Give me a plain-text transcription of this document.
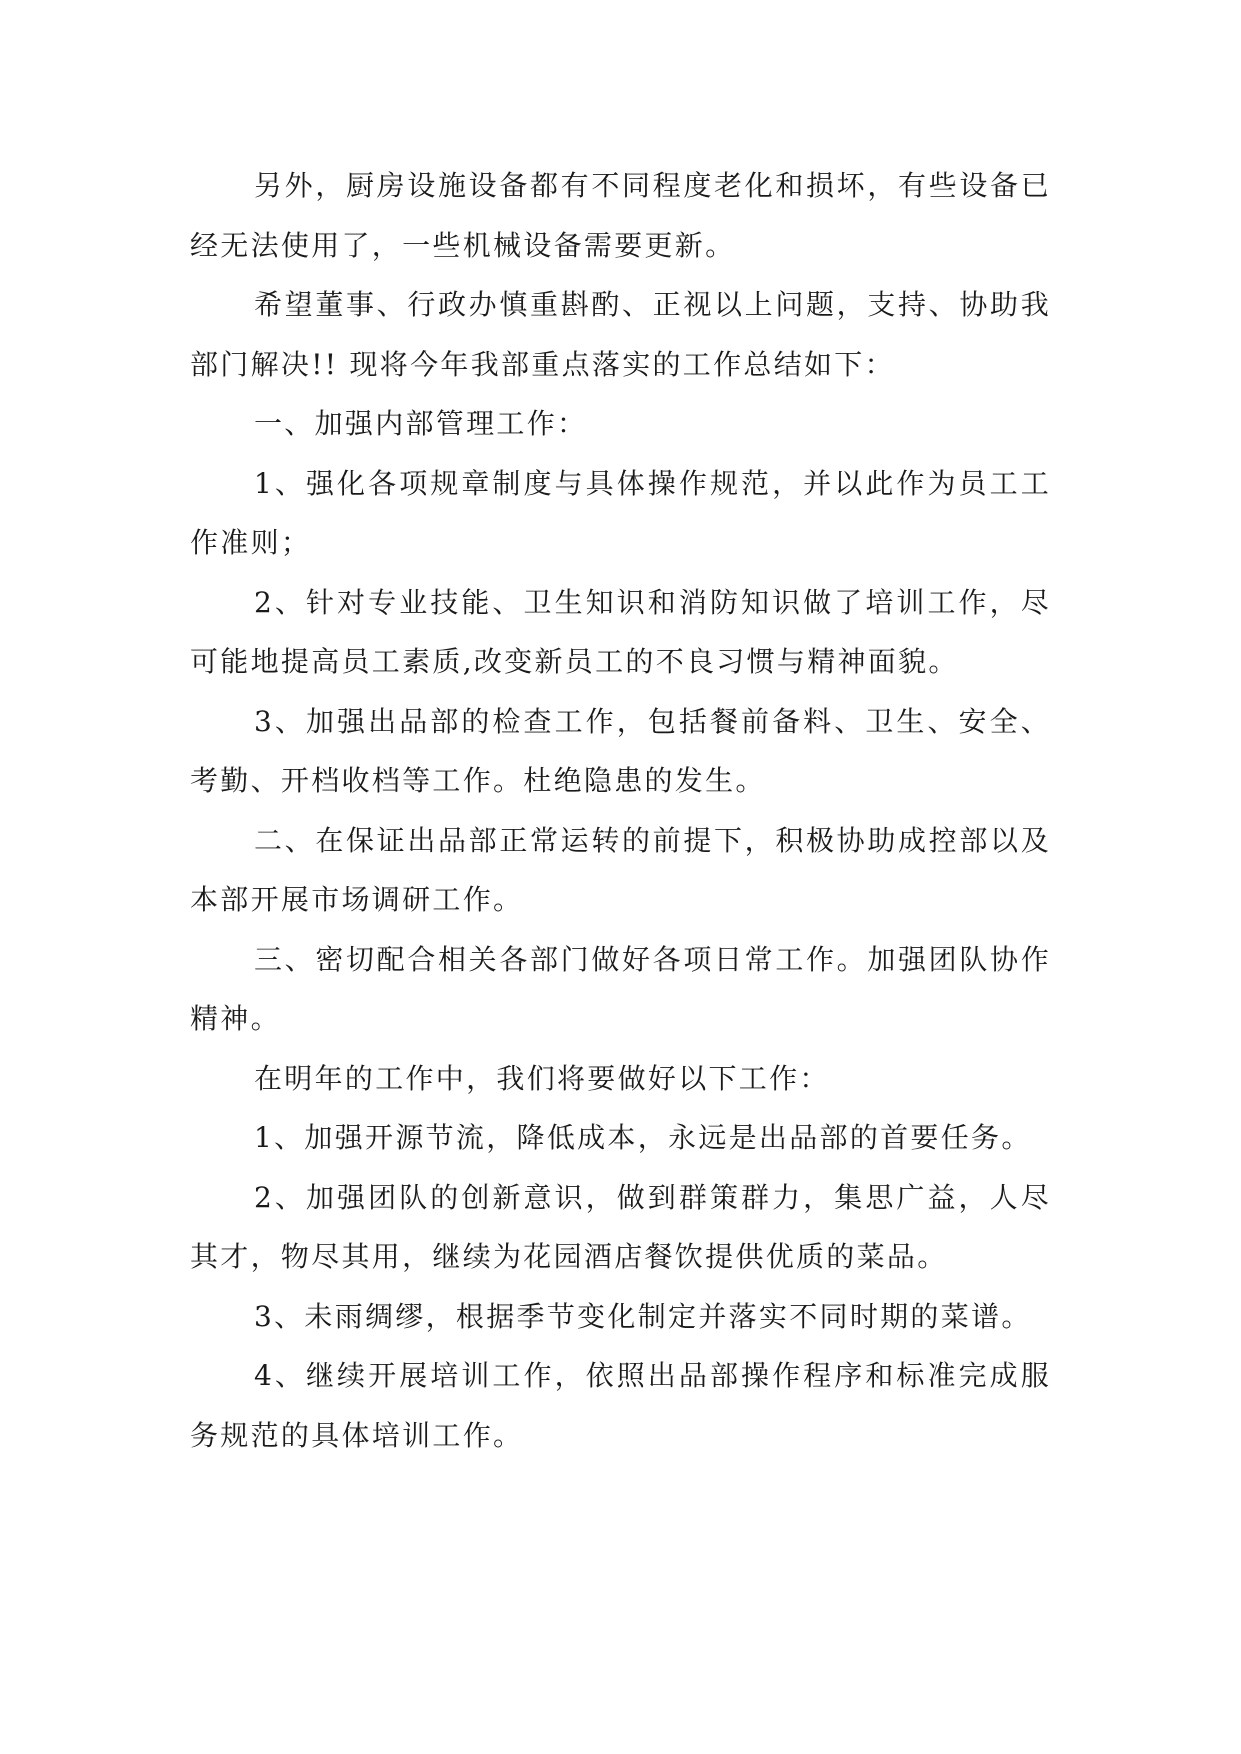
另外，厨房设施设备都有不同程度老化和损坏，有些设备已经无法使用了，一些机械设备需要更新。

希望董事、行政办慎重斟酌、正视以上问题，支持、协助我部门解决!! 现将今年我部重点落实的工作总结如下：

一、加强内部管理工作：

1、强化各项规章制度与具体操作规范，并以此作为员工工作准则；

2、针对专业技能、卫生知识和消防知识做了培训工作，尽可能地提高员工素质,改变新员工的不良习惯与精神面貌。

3、加强出品部的检查工作，包括餐前备料、卫生、安全、考勤、开档收档等工作。杜绝隐患的发生。

二、在保证出品部正常运转的前提下，积极协助成控部以及本部开展市场调研工作。

三、密切配合相关各部门做好各项日常工作。加强团队协作精神。

在明年的工作中，我们将要做好以下工作：

1、加强开源节流，降低成本，永远是出品部的首要任务。

2、加强团队的创新意识，做到群策群力，集思广益，人尽其才，物尽其用，继续为花园酒店餐饮提供优质的菜品。

3、未雨绸缪，根据季节变化制定并落实不同时期的菜谱。

4、继续开展培训工作，依照出品部操作程序和标准完成服务规范的具体培训工作。
